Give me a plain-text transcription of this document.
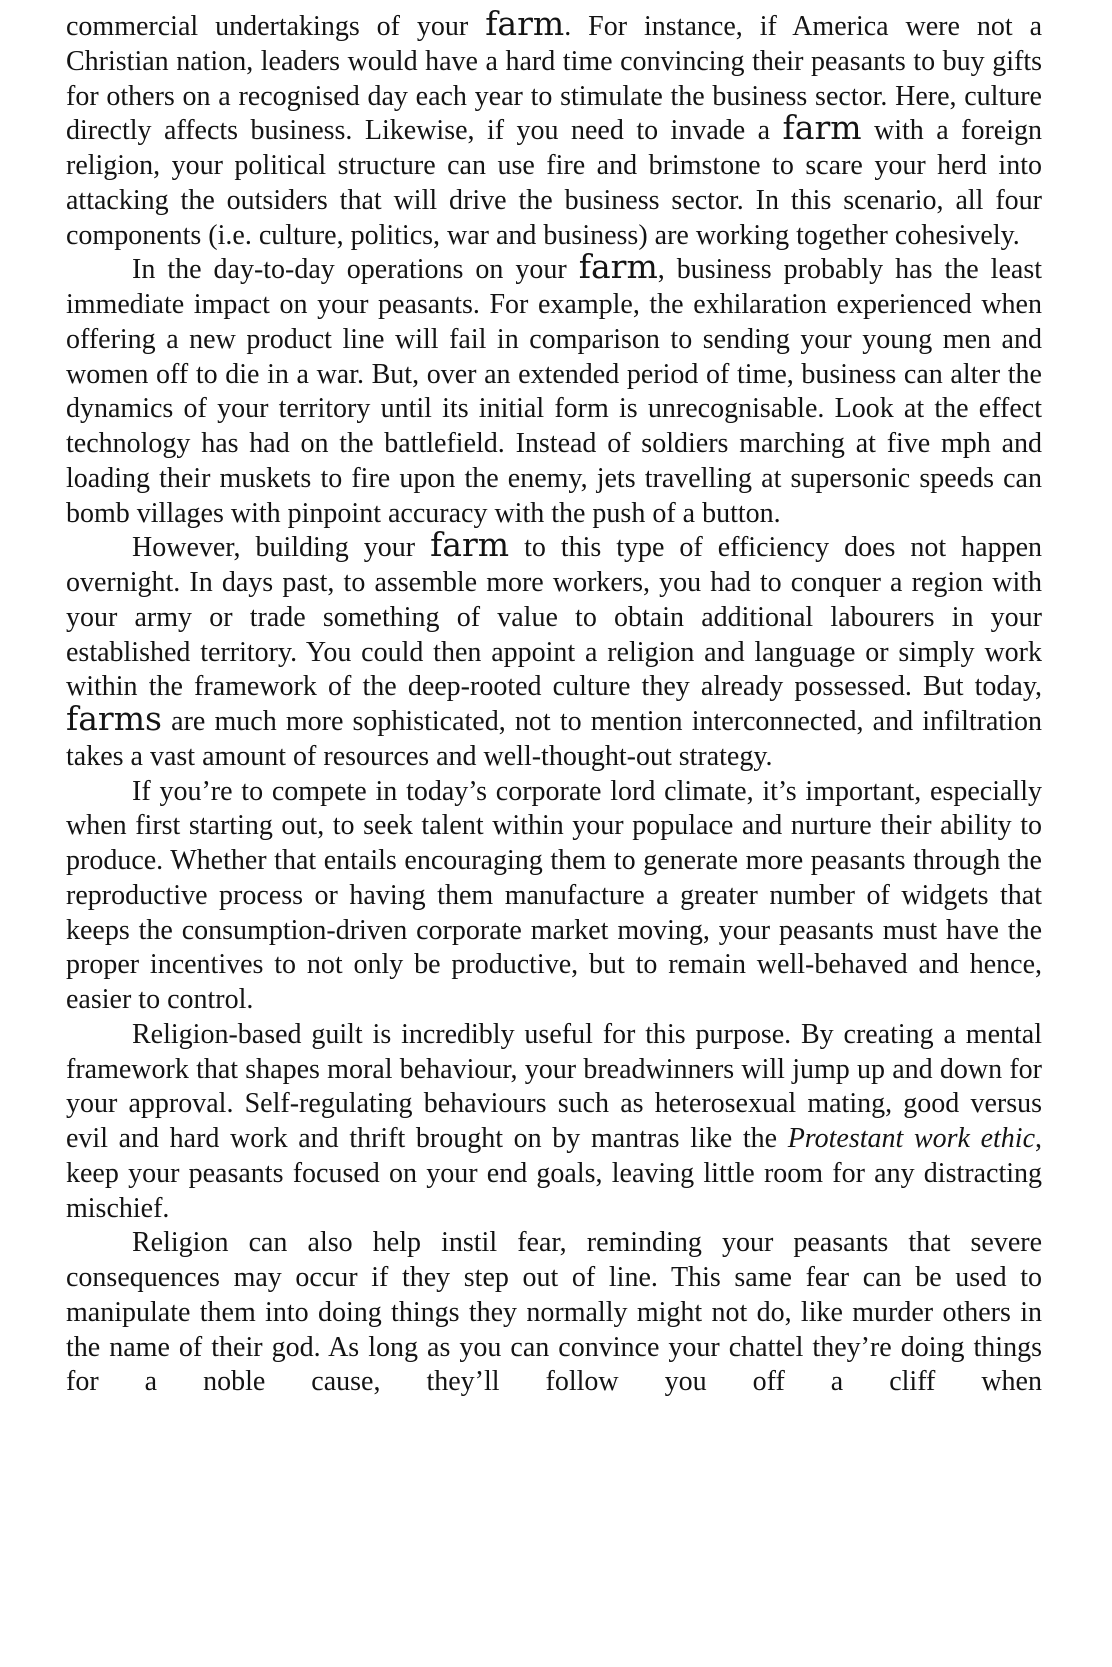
commercial undertakings of your farm. For instance, if America were not a Christian nation, leaders would have a hard time convincing their peasants to buy gifts for others on a recognised day each year to stimulate the business sector. Here, culture directly affects business. Likewise, if you need to invade a farm with a foreign religion, your political structure can use fire and brimstone to scare your herd into attacking the outsiders that will drive the business sector. In this scenario, all four components (i.e. culture, politics, war and business) are working together cohesively.

In the day-to-day operations on your farm, business probably has the least immediate impact on your peasants. For example, the exhilaration experienced when offering a new product line will fail in comparison to sending your young men and women off to die in a war. But, over an extended period of time, business can alter the dynamics of your territory until its initial form is unrecognisable. Look at the effect technology has had on the battlefield. Instead of soldiers marching at five mph and loading their muskets to fire upon the enemy, jets travelling at supersonic speeds can bomb villages with pinpoint accuracy with the push of a button.

However, building your farm to this type of efficiency does not happen overnight. In days past, to assemble more workers, you had to conquer a region with your army or trade something of value to obtain additional labourers in your established territory. You could then appoint a religion and language or simply work within the framework of the deep-rooted culture they already possessed. But today, farms are much more sophisticated, not to mention interconnected, and infiltration takes a vast amount of resources and well-thought-out strategy.

If you’re to compete in today’s corporate lord climate, it’s important, especially when first starting out, to seek talent within your populace and nurture their ability to produce. Whether that entails encouraging them to generate more peasants through the reproductive process or having them manufacture a greater number of widgets that keeps the consumption-driven corporate market moving, your peasants must have the proper incentives to not only be productive, but to remain well-behaved and hence, easier to control.

Religion-based guilt is incredibly useful for this purpose. By creating a mental framework that shapes moral behaviour, your breadwinners will jump up and down for your approval. Self-regulating behaviours such as heterosexual mating, good versus evil and hard work and thrift brought on by mantras like the Protestant work ethic, keep your peasants focused on your end goals, leaving little room for any distracting mischief.

Religion can also help instil fear, reminding your peasants that severe consequences may occur if they step out of line. This same fear can be used to manipulate them into doing things they normally might not do, like murder others in the name of their god. As long as you can convince your chattel they’re doing things for a noble cause, they’ll follow you off a cliff when
